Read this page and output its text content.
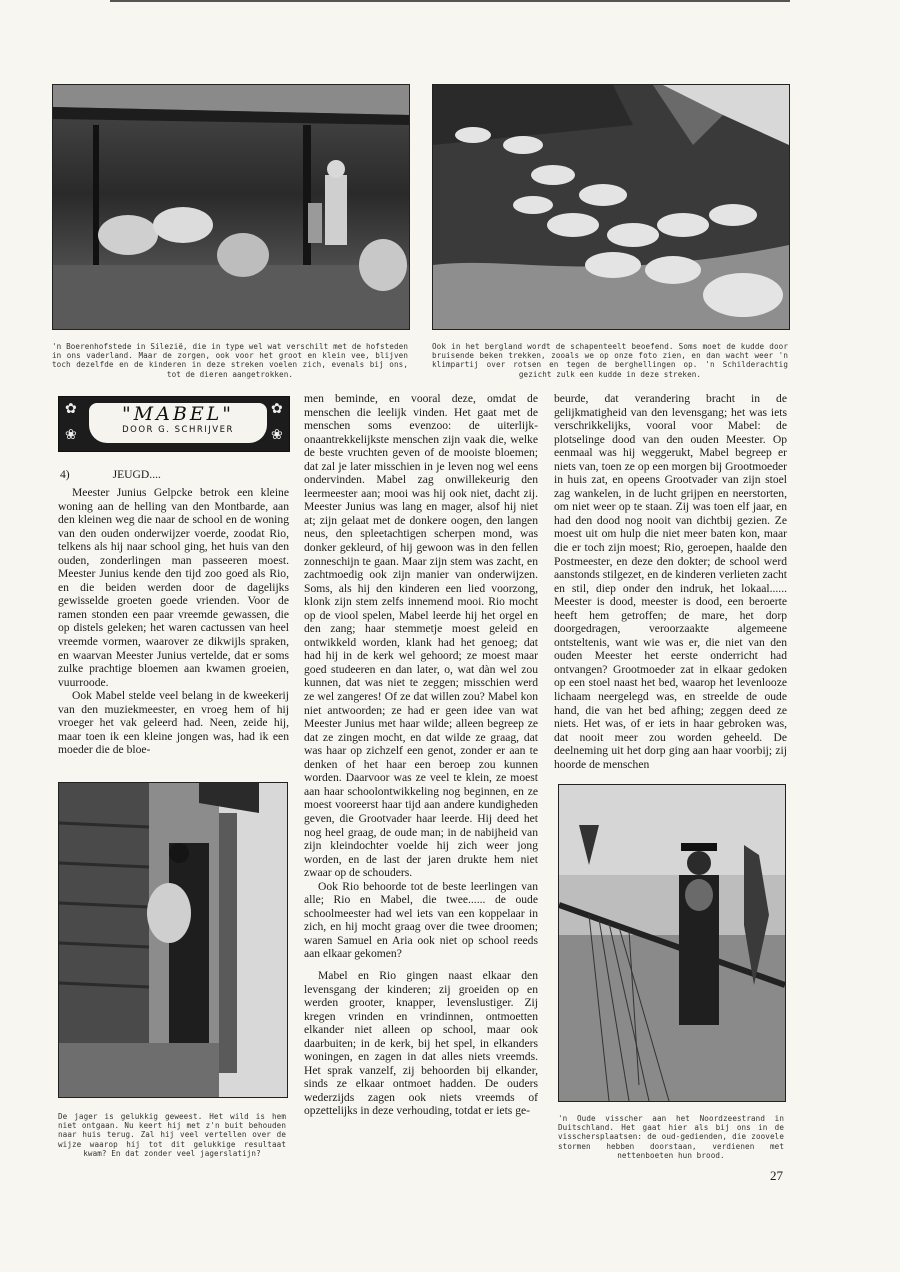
'n Boerenhofstede in Silezië, die in type wel wat verschilt met de hofsteden in ons vaderland. Maar de zorgen, ook voor het groot en klein vee, blijven toch dezelfde en de kinderen in deze streken voelen zich, evenals bij ons, tot de dieren aangetrokken.
Ook in het bergland wordt de schapenteelt beoefend. Soms moet de kudde door bruisende beken trekken, zooals we op onze foto zien, en dan wacht weer 'n klimpartij over rotsen en tegen de berghellingen op. 'n Schilderachtig gezicht zulk een kudde in deze streken.
✿
❀
✿
❀
"MABEL"
DOOR G. SCHRIJVER
4)	JEUGD....

Meester Junius Gelpcke betrok een kleine woning aan de helling van den Montbarde, aan den kleinen weg die naar de school en de woning van den ouden onderwijzer voerde, zoodat Rio, telkens als hij naar school ging, het huis van den ouden, zonderlingen man passeeren moest. Meester Junius kende den tijd zoo goed als Rio, en die beiden werden door de dagelijks gewisselde groeten goede vrienden. Voor de ramen stonden een paar vreemde gewassen, die op distels geleken; het waren cactussen van heel vreemde vormen, waarover ze dikwijls spraken, en waarvan Meester Junius vertelde, dat er soms zulke prachtige bloemen aan kwamen groeien, vuurroode.

Ook Mabel stelde veel belang in de kweekerij van den muziekmeester, en vroeg hem of hij vroeger het vak geleerd had. Neen, zeide hij, maar toen ik een kleine jongen was, had ik een moeder die de bloe-

De jager is gelukkig geweest. Het wild is hem niet ontgaan. Nu keert hij met z'n buit behouden naar huis terug. Zal hij veel vertellen over de wijze waarop hij tot dit gelukkige resultaat kwam? En dat zonder veel jagerslatijn?

men beminde, en vooral deze, omdat de menschen die leelijk vinden. Het gaat met de menschen soms evenzoo: de uiterlijk-onaantrekkelijkste menschen zijn vaak die, welke de beste vruchten geven of de mooiste bloemen; dat zal je later misschien in je leven nog wel eens ondervinden. Mabel zag onwillekeurig den leermeester aan; mooi was hij ook niet, dacht zij. Meester Junius was lang en mager, alsof hij niet at; zijn gelaat met de donkere oogen, den langen neus, den spleetachtigen scherpen mond, was donker gekleurd, of hij gewoon was in den fellen zonneschijn te gaan. Maar zijn stem was zacht, en zachtmoedig ook zijn manier van onderwijzen. Soms, als hij den kinderen een lied voorzong, klonk zijn stem zelfs innemend mooi. Rio mocht op de viool spelen, Mabel leerde hij het orgel en den zang; haar stemmetje moest geleid en ontwikkeld worden, klank had het genoeg; dat had hij in de kerk wel gehoord; ze moest maar goed studeeren en dan later, o, wat dàn wel zou kunnen, dat was niet te zeggen; misschien werd ze wel zangeres! Of ze dat willen zou? Mabel kon niet antwoorden; ze had er geen idee van wat Meester Junius met haar wilde; alleen begreep ze dat ze zingen mocht, en dat wilde ze graag, dat was haar op zichzelf een genot, zonder er aan te denken of het haar een beroep zou kunnen worden. Daarvoor was ze veel te klein, ze moest aan haar schoolontwikkeling nog beginnen, en ze moest vooreerst haar tijd aan andere kundigheden geven, die Grootvader haar leerde. Hij deed het nog heel graag, de oude man; in de nabijheid van zijn kleindochter voelde hij zich weer jong worden, en de last der jaren drukte hem niet zwaar op de schouders.

Ook Rio behoorde tot de beste leerlingen van alle; Rio en Mabel, die twee...... de oude schoolmeester had wel iets van een koppelaar in zich, en hij mocht graag over die twee droomen; waren Samuel en Aria ook niet op school reeds aan elkaar gekomen?

Mabel en Rio gingen naast elkaar den levensgang der kinderen; zij groeiden op en werden grooter, knapper, levenslustiger. Zij kregen vrinden en vrindinnen, ontmoetten elkander niet alleen op school, maar ook daarbuiten; in de kerk, bij het spel, in elkanders woningen, en zagen in dat alles niets vreemds. Het sprak vanzelf, zij behoorden bij elkander, sinds ze elkaar ontmoet hadden. De ouders wederzijds zagen ook niets vreemds of opzettelijks in deze verhouding, totdat er iets ge-

beurde, dat verandering bracht in de gelijkmatigheid van den levensgang; het was iets verschrikkelijks, vooral voor Mabel: de plotselinge dood van den ouden Meester. Op eenmaal was hij weggerukt, Mabel begreep er niets van, toen ze op een morgen bij Grootmoeder in huis zat, en opeens Grootvader van zijn stoel zag wankelen, in de lucht grijpen en neerstorten, om niet weer op te staan. Zij was toen elf jaar, en had den dood nog nooit van dichtbij gezien. Ze moest uit om hulp die niet meer baten kon, maar die er toch zijn moest; Rio, geroepen, haalde den Postmeester, en deze den dokter; de school werd aanstonds stilgezet, en de kinderen verlieten zacht en stil, diep onder den indruk, het lokaal...... Meester is dood, meester is dood, een beroerte heeft hem getroffen; de mare, het dorp doorgedragen, veroorzaakte algemeene ontsteltenis, want wie was er, die niet van den ouden Meester het eerste onderricht had ontvangen? Grootmoeder zat in elkaar gedoken op een stoel naast het bed, waarop het levenlooze lichaam neergelegd was, en streelde de oude hand, die van het bed afhing; zeggen deed ze niets. Het was, of er iets in haar gebroken was, dat nooit meer zou worden geheeld. De deelneming uit het dorp ging aan haar voorbij; zij hoorde de menschen

'n Oude visscher aan het Noordzeestrand in Duitschland. Het gaat hier als bij ons in de visschersplaatsen: de oud-gedienden, die zoovele stormen hebben doorstaan, verdienen met nettenboeten hun brood.
27
